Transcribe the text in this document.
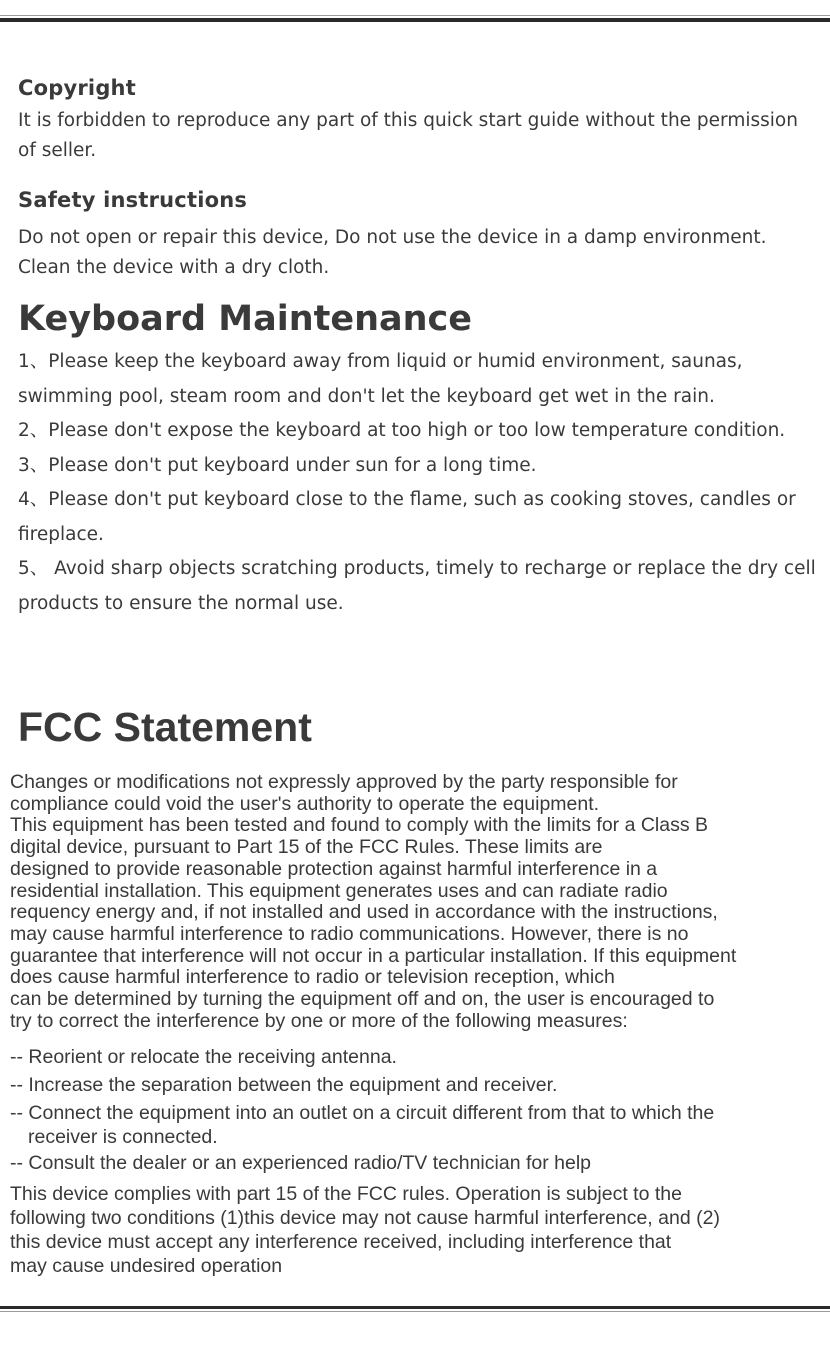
Copyright

It is forbidden to reproduce any part of this quick start guide without the permission of seller.

Safety instructions

Do not open or repair this device, Do not use the device in a damp environment. Clean the device with a dry cloth.

Keyboard Maintenance
1、Please keep the keyboard away from liquid or humid environment, saunas, swimming pool, steam room and don't let the keyboard get wet in the rain.
2、Please don't expose the keyboard at too high or too low temperature condition.
3、Please don't put keyboard under sun for a long time.
4、Please don't put keyboard close to the flame, such as cooking stoves, candles or fireplace.
5、 Avoid sharp objects scratching products, timely to recharge or replace the dry cell products to ensure the normal use.
FCC Statement

Changes or modifications not expressly approved by the party responsible for
compliance could void the user's authority to operate the equipment.
This equipment has been tested and found to comply with the limits for a Class B
digital device, pursuant to Part 15 of the FCC Rules. These limits are
designed to provide reasonable protection against harmful interference in a
residential installation. This equipment generates uses and can radiate radio
requency energy and, if not installed and used in accordance with the instructions,
may cause harmful interference to radio communications. However, there is no
guarantee that interference will not occur in a particular installation. If this equipment
does cause harmful interference to radio or television reception, which
can be determined by turning the equipment off and on, the user is encouraged to
try to correct the interference by one or more of the following measures:

-- Reorient or relocate the receiving antenna.
-- Increase the separation between the equipment and receiver.
-- Connect the equipment into an outlet on a circuit different from that to which the
receiver is connected.
-- Consult the dealer or an experienced radio/TV technician for help

This device complies with part 15 of the FCC rules. Operation is subject to the
following two conditions (1)this device may not cause harmful interference, and (2)
this device must accept any interference received, including interference that
may cause undesired operation
